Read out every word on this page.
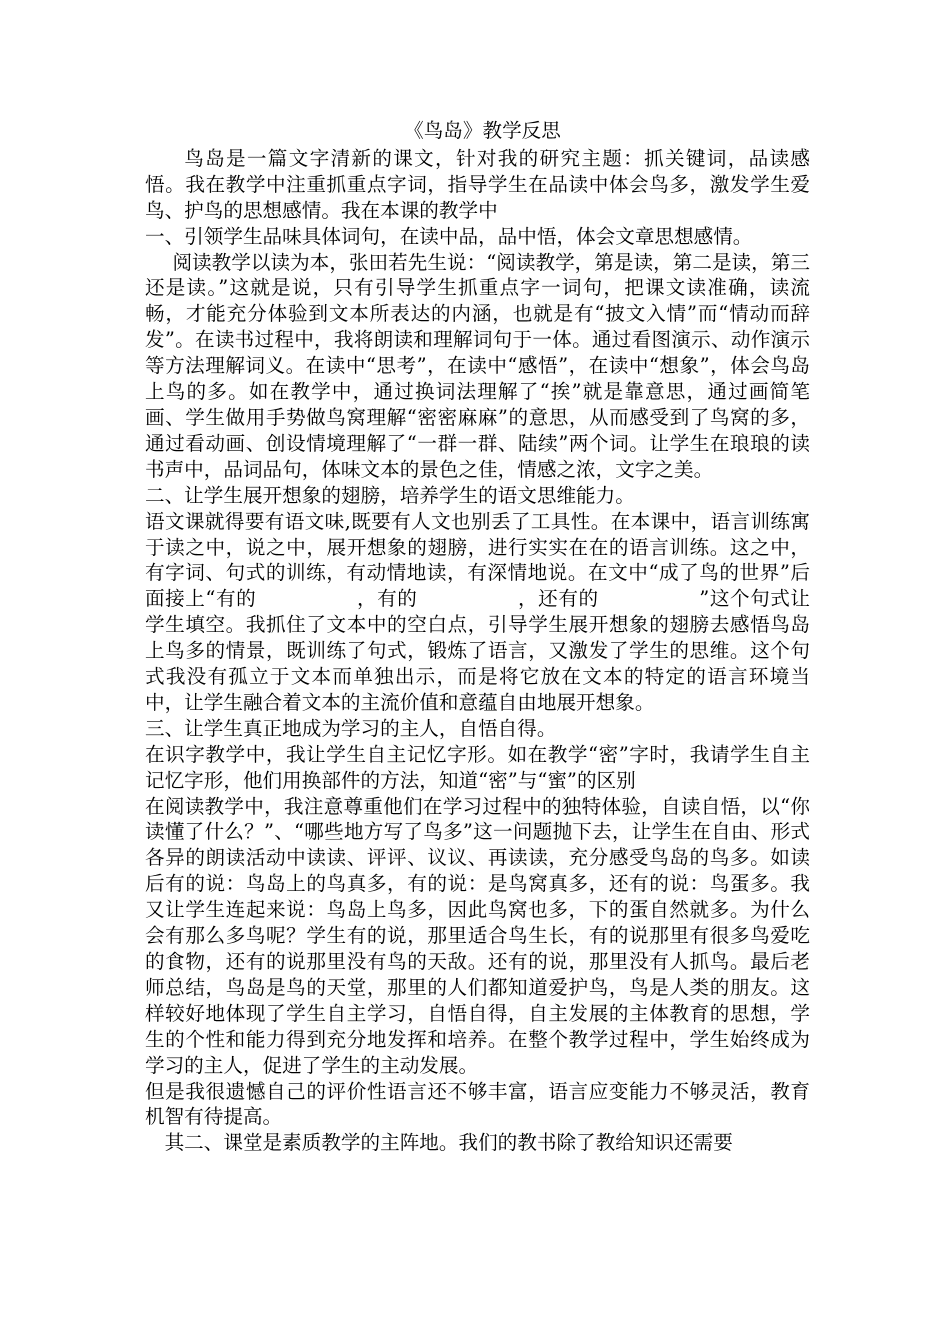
《鸟岛》教学反思

鸟岛是一篇文字清新的课文，针对我的研究主题：抓关键词，品读感悟。我在教学中注重抓重点字词，指导学生在品读中体会鸟多，激发学生爱鸟、护鸟的思想感情。我在本课的教学中

一、引领学生品味具体词句，在读中品，品中悟，体会文章思想感情。

阅读教学以读为本，张田若先生说：“阅读教学，第是读，第二是读，第三还是读。”这就是说，只有引导学生抓重点字一词句，把课文读准确，读流畅，才能充分体验到文本所表达的内涵，也就是有“披文入情”而“情动而辞发”。在读书过程中，我将朗读和理解词句于一体。通过看图演示、动作演示等方法理解词义。在读中“思考”，在读中“感悟”，在读中“想象”，体会鸟岛上鸟的多。如在教学中，通过换词法理解了“挨”就是靠意思，通过画简笔画、学生做用手势做鸟窝理解“密密麻麻”的意思，从而感受到了鸟窝的多，通过看动画、创设情境理解了“一群一群、陆续”两个词。让学生在琅琅的读书声中，品词品句，体味文本的景色之佳，情感之浓，文字之美。

二、让学生展开想象的翅膀，培养学生的语文思维能力。

语文课就得要有语文味,既要有人文也别丢了工具性。在本课中，语言训练寓于读之中，说之中，展开想象的翅膀，进行实实在在的语言训练。这之中，有字词、句式的训练，有动情地读，有深情地说。在文中“成了鸟的世界”后面接上“有的　　　　　，有的　　　　　，还有的　　　　　”这个句式让学生填空。我抓住了文本中的空白点，引导学生展开想象的翅膀去感悟鸟岛上鸟多的情景，既训练了句式，锻炼了语言，又激发了学生的思维。这个句式我没有孤立于文本而单独出示，而是将它放在文本的特定的语言环境当中，让学生融合着文本的主流价值和意蕴自由地展开想象。

三、让学生真正地成为学习的主人，自悟自得。

在识字教学中，我让学生自主记忆字形。如在教学“密”字时，我请学生自主记忆字形，他们用换部件的方法，知道“密”与“蜜”的区别

在阅读教学中，我注意尊重他们在学习过程中的独特体验，自读自悟，以“你读懂了什么？”、“哪些地方写了鸟多”这一问题抛下去，让学生在自由、形式各异的朗读活动中读读、评评、议议、再读读，充分感受鸟岛的鸟多。如读后有的说：鸟岛上的鸟真多，有的说：是鸟窝真多，还有的说：鸟蛋多。我又让学生连起来说：鸟岛上鸟多，因此鸟窝也多，下的蛋自然就多。为什么会有那么多鸟呢？学生有的说，那里适合鸟生长，有的说那里有很多鸟爱吃的食物，还有的说那里没有鸟的天敌。还有的说，那里没有人抓鸟。最后老师总结，鸟岛是鸟的天堂，那里的人们都知道爱护鸟，鸟是人类的朋友。这样较好地体现了学生自主学习，自悟自得，自主发展的主体教育的思想，学生的个性和能力得到充分地发挥和培养。在整个教学过程中，学生始终成为学习的主人，促进了学生的主动发展。

但是我很遗憾自己的评价性语言还不够丰富，语言应变能力不够灵活，教育机智有待提高。

其二、课堂是素质教学的主阵地。我们的教书除了教给知识还需要
